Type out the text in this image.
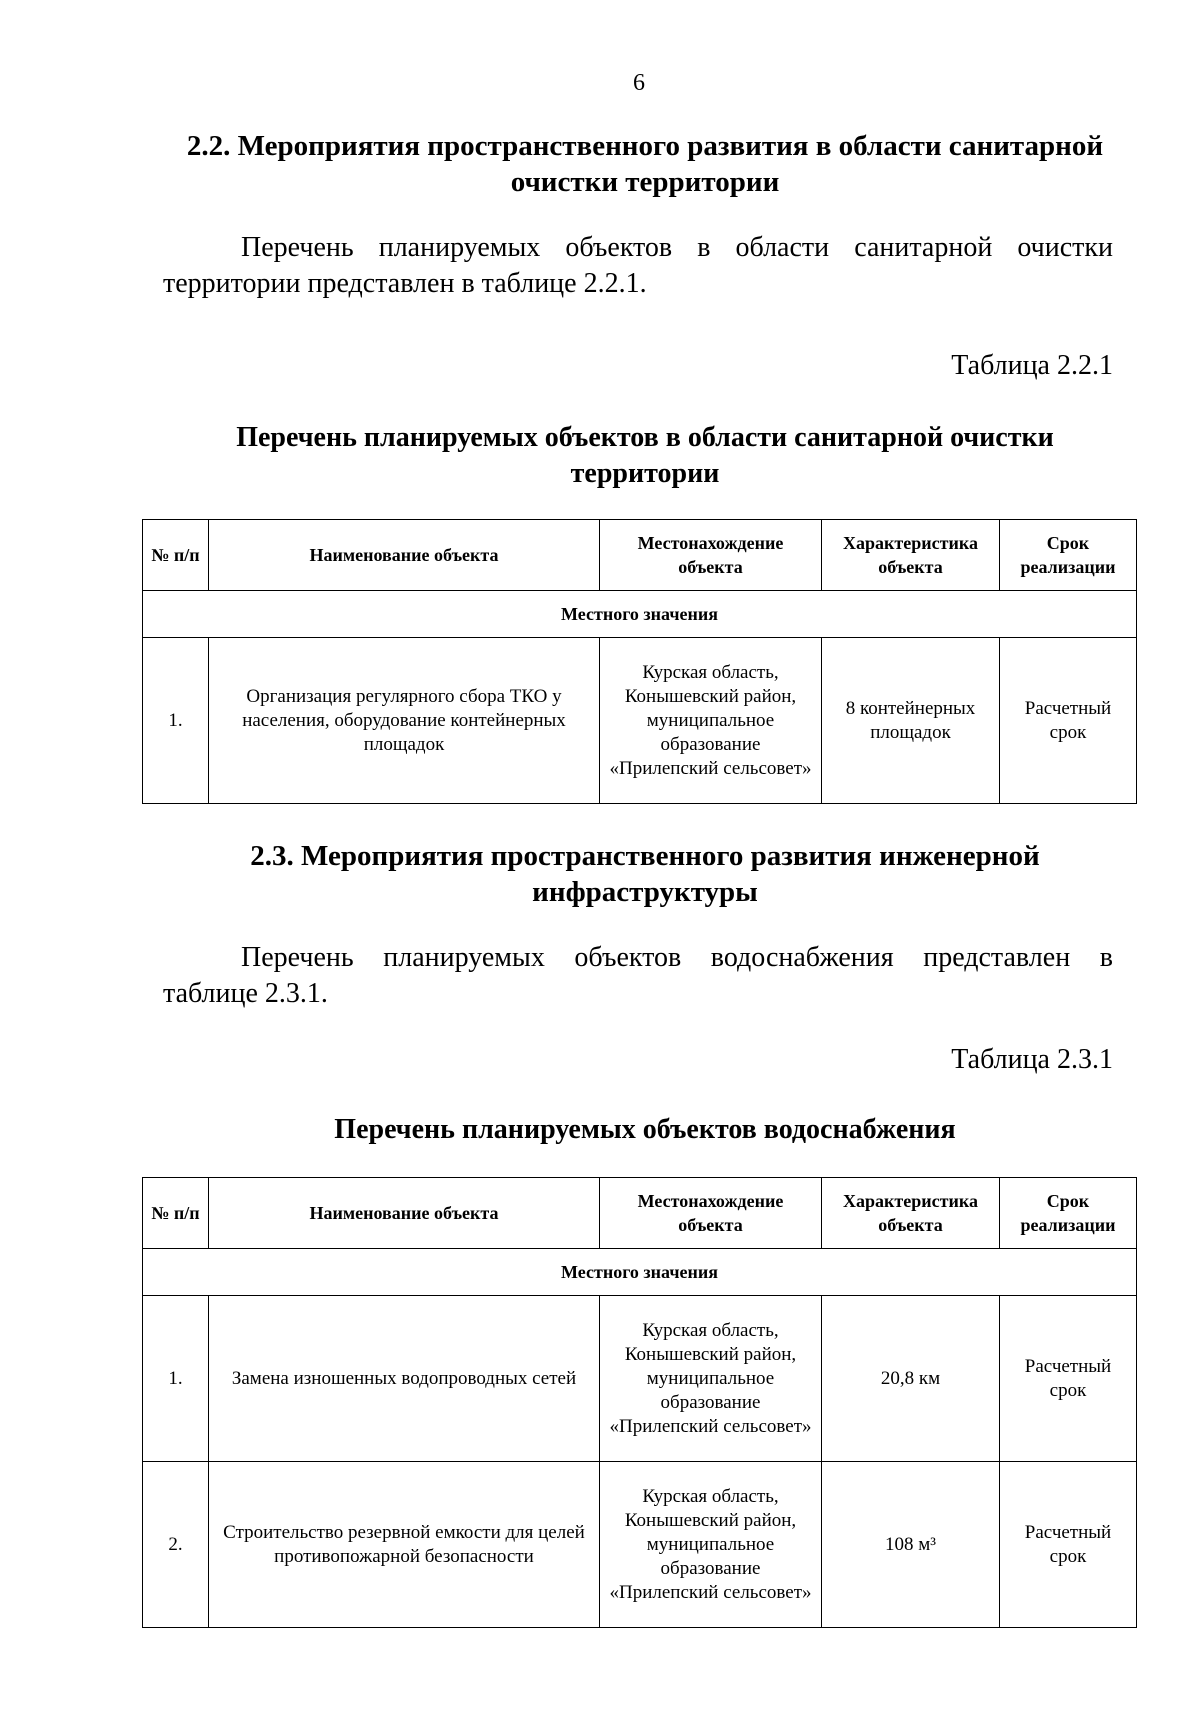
6
2.2. Мероприятия пространственного развития в области санитарной
очистки территории
Перечень планируемых объектов в области санитарной очистки
территории представлен в таблице 2.2.1.
Таблица 2.2.1
Перечень планируемых объектов в области санитарной очистки
территории
№ п/п	Наименование объекта	Местонахождение объекта	Характеристика объекта	Срок реализации
Местного значения				
1.	Организация регулярного сбора ТКО у населения, оборудование контейнерных площадок	Курская область, Конышевский район, муниципальное образование «Прилепский сельсовет»	8 контейнерных площадок	Расчетный срок
2.3. Мероприятия пространственного развития инженерной
инфраструктуры
Перечень планируемых объектов водоснабжения представлен в
таблице 2.3.1.
Таблица 2.3.1
Перечень планируемых объектов водоснабжения
№ п/п	Наименование объекта	Местонахождение объекта	Характеристика объекта	Срок реализации
Местного значения				
1.	Замена изношенных водопроводных сетей	Курская область, Конышевский район, муниципальное образование «Прилепский сельсовет»	20,8 км	Расчетный срок
2.	Строительство резервной емкости для целей противопожарной безопасности	Курская область, Конышевский район, муниципальное образование «Прилепский сельсовет»	108 м³	Расчетный срок
